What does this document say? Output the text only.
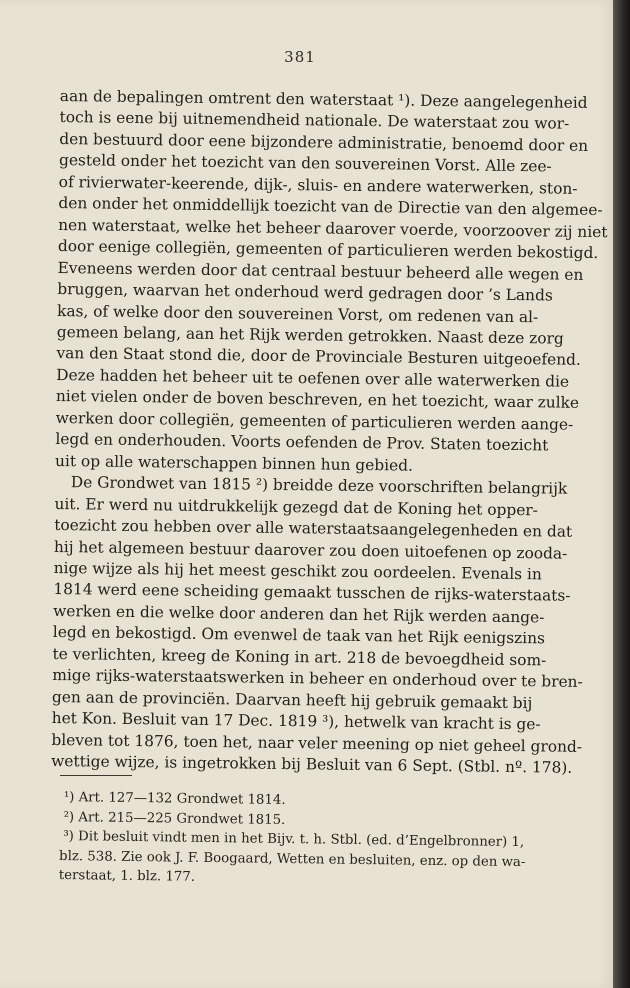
381
aan de bepalingen omtrent den waterstaat ¹). Deze aangelegenheid
toch is eene bij uitnemendheid nationale. De waterstaat zou wor-
den bestuurd door eene bijzondere administratie, benoemd door en
gesteld onder het toezicht van den souvereinen Vorst. Alle zee-
of rivierwater-keerende, dijk-, sluis- en andere waterwerken, ston-
den onder het onmiddellijk toezicht van de Directie van den algemee-
nen waterstaat, welke het beheer daarover voerde, voorzoover zij niet
door eenige collegiën, gemeenten of particulieren werden bekostigd.
Eveneens werden door dat centraal bestuur beheerd alle wegen en
bruggen, waarvan het onderhoud werd gedragen door ’s Lands
kas, of welke door den souvereinen Vorst, om redenen van al-
gemeen belang, aan het Rijk werden getrokken. Naast deze zorg
van den Staat stond die, door de Provinciale Besturen uitgeoefend.
Deze hadden het beheer uit te oefenen over alle waterwerken die
niet vielen onder de boven beschreven, en het toezicht, waar zulke
werken door collegiën, gemeenten of particulieren werden aange-
legd en onderhouden. Voorts oefenden de Prov. Staten toezicht
uit op alle waterschappen binnen hun gebied.
De Grondwet van 1815 ²) breidde deze voorschriften belangrijk
uit. Er werd nu uitdrukkelijk gezegd dat de Koning het opper-
toezicht zou hebben over alle waterstaatsaangelegenheden en dat
hij het algemeen bestuur daarover zou doen uitoefenen op zooda-
nige wijze als hij het meest geschikt zou oordeelen. Evenals in
1814 werd eene scheiding gemaakt tusschen de rijks-waterstaats-
werken en die welke door anderen dan het Rijk werden aange-
legd en bekostigd. Om evenwel de taak van het Rijk eenigszins
te verlichten, kreeg de Koning in art. 218 de bevoegdheid som-
mige rijks-waterstaatswerken in beheer en onderhoud over te bren-
gen aan de provinciën. Daarvan heeft hij gebruik gemaakt bij
het Kon. Besluit van 17 Dec. 1819 ³), hetwelk van kracht is ge-
bleven tot 1876, toen het, naar veler meening op niet geheel grond-
wettige wijze, is ingetrokken bij Besluit van 6 Sept. (Stbl. nº. 178).
¹) Art. 127—132 Grondwet 1814.
²) Art. 215—225 Grondwet 1815.
³) Dit besluit vindt men in het Bijv. t. h. Stbl. (ed. d’Engelbronner) 1,
blz. 538. Zie ook J. F. Boogaard, Wetten en besluiten, enz. op den wa-
terstaat, 1. blz. 177.
